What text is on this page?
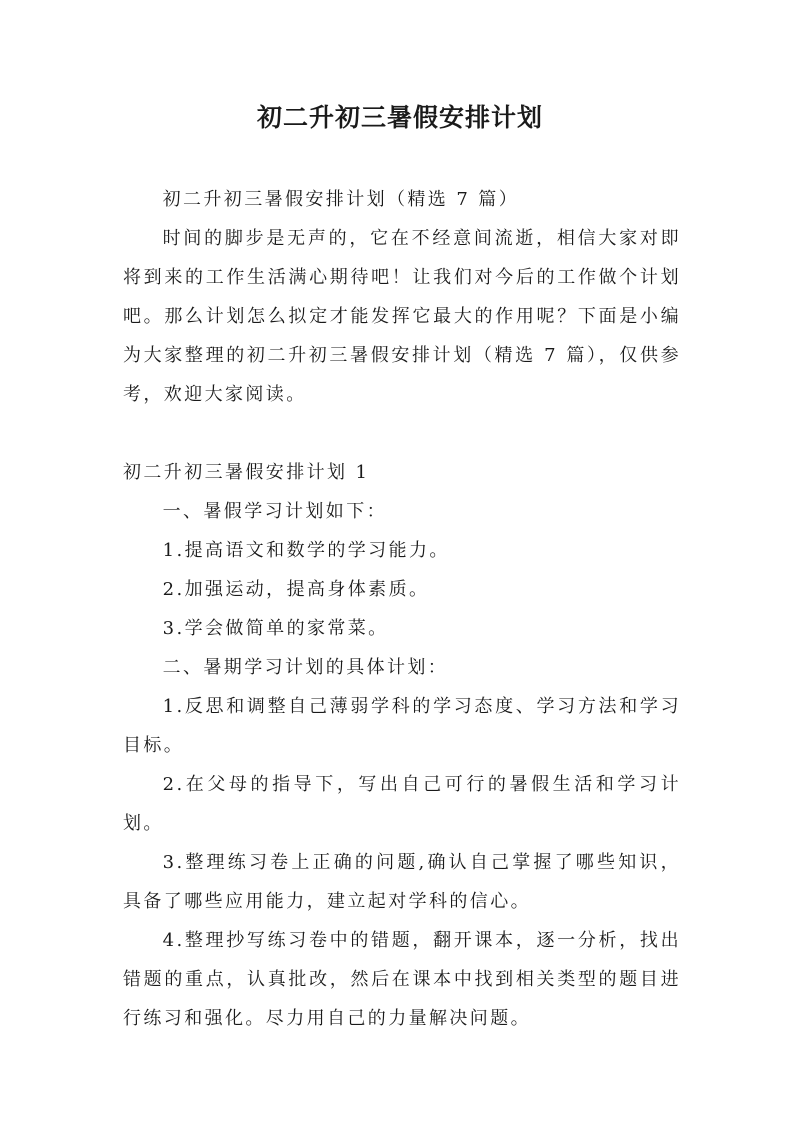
初二升初三暑假安排计划

初二升初三暑假安排计划（精选 7 篇）

时间的脚步是无声的，它在不经意间流逝，相信大家对即将到来的工作生活满心期待吧！让我们对今后的工作做个计划吧。那么计划怎么拟定才能发挥它最大的作用呢？下面是小编为大家整理的初二升初三暑假安排计划（精选 7 篇），仅供参考，欢迎大家阅读。

初二升初三暑假安排计划 1

一、暑假学习计划如下：

1.提高语文和数学的学习能力。

2.加强运动，提高身体素质。

3.学会做简单的家常菜。

二、暑期学习计划的具体计划：

1.反思和调整自己薄弱学科的学习态度、学习方法和学习目标。

2.在父母的指导下，写出自己可行的暑假生活和学习计划。

3.整理练习卷上正确的问题,确认自己掌握了哪些知识，具备了哪些应用能力，建立起对学科的信心。

4.整理抄写练习卷中的错题，翻开课本，逐一分析，找出错题的重点，认真批改，然后在课本中找到相关类型的题目进行练习和强化。尽力用自己的力量解决问题。
